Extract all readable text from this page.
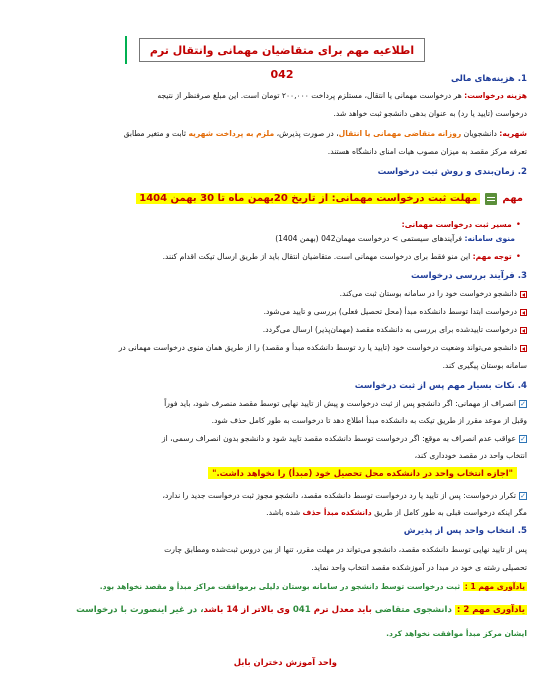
اطلاعیه مهم برای متقاضیان مهمانی وانتقال ترم 042	1. هزینه‌های مالی
هزینه درخواست: هر درخواست مهمانی یا انتقال، مستلزم پرداخت ۲۰۰,۰۰۰ تومان است. این مبلغ صرفنظر از نتیجه
درخواست (تایید یا رد) به عنوان بدهی دانشجو ثبت خواهد شد.
شهریه: دانشجویان روزانه متقاضی مهمانی یا انتقال، در صورت پذیرش، ملزم به پرداخت شهریه ثابت و متغیر مطابق
تعرفه مرکز مقصد به میزان مصوب هیات امنای دانشگاه هستند.
2. زمان‌بندی و روش ثبت درخواست
مهممهلت ثبت درخواست مهمانی: از تاریخ 20بهمن ماه تا 30 بهمن 1404
• مسیر ثبت درخواست مهمانی:
منوی سامانه: فرآیندهای سیستمی > درخواست مهمان042 (بهمن 1404)
• توجه مهم: این منو فقط برای درخواست مهمانی است. متقاضیان انتقال باید از طریق ارسال تیکت اقدام کنند.
3. فرآیند بررسی درخواست
دانشجو درخواست خود را در سامانه بوستان ثبت می‌کند.
درخواست ابتدا توسط دانشکده مبدأ (محل تحصیل فعلی) بررسی و تایید می‌شود.
درخواست تاییدشده برای بررسی به دانشکده مقصد (مهمان‌پذیر) ارسال می‌گردد.
دانشجو می‌تواند وضعیت درخواست خود (تایید یا رد توسط دانشکده مبدأ و مقصد) را از طریق همان منوی درخواست مهمانی در
سامانه بوستان پیگیری کند.
4. نکات بسیار مهم پس از ثبت درخواست
✓انصراف از مهمانی: اگر دانشجو پس از ثبت درخواست و پیش از تایید نهایی توسط مقصد منصرف شود، باید فوراً
وقبل از موعد مقرر از طریق تیکت به دانشکده مبدأ اطلاع دهد تا درخواست به طور کامل حذف شود.
✓عواقب عدم انصراف به موقع: اگر درخواست توسط دانشکده مقصد تایید شود و دانشجو بدون انصراف رسمی، از
انتخاب واحد در مقصد خودداری کند،
"اجازه انتخاب واحد در دانشکده محل تحصیل خود (مبدأ) را نخواهد داشت."
✓تکرار درخواست: پس از تایید یا رد درخواست توسط دانشکده مقصد، دانشجو مجوز ثبت درخواست جدید را ندارد،
مگر اینکه درخواست قبلی به طور کامل از طریق دانشکده مبدأ حذف شده باشد.
5. انتخاب واحد پس از پذیرش
پس از تایید نهایی توسط دانشکده مقصد، دانشجو می‌تواند در مهلت مقرر، تنها از بین دروس ثبت‌شده ومطابق چارت
تحصیلی رشته ی خود در مبدا در آموزشکده مقصد انتخاب واحد نماید.
یادآوری مهم 1 : ثبت درخواست توسط دانشجو در سامانه بوستان دلیلی برموافقت مراکز مبدأ و مقصد نخواهد بود.
یادآوری مهم 2 : دانشجوی متقاضی باید معدل ترم 041 وی بالاتر از 14 باشد، در غیر اینصورت با درخواست
ایشان مرکز مبدأ موافقت نخواهد کرد.
واحد آموزش دختران بابل
